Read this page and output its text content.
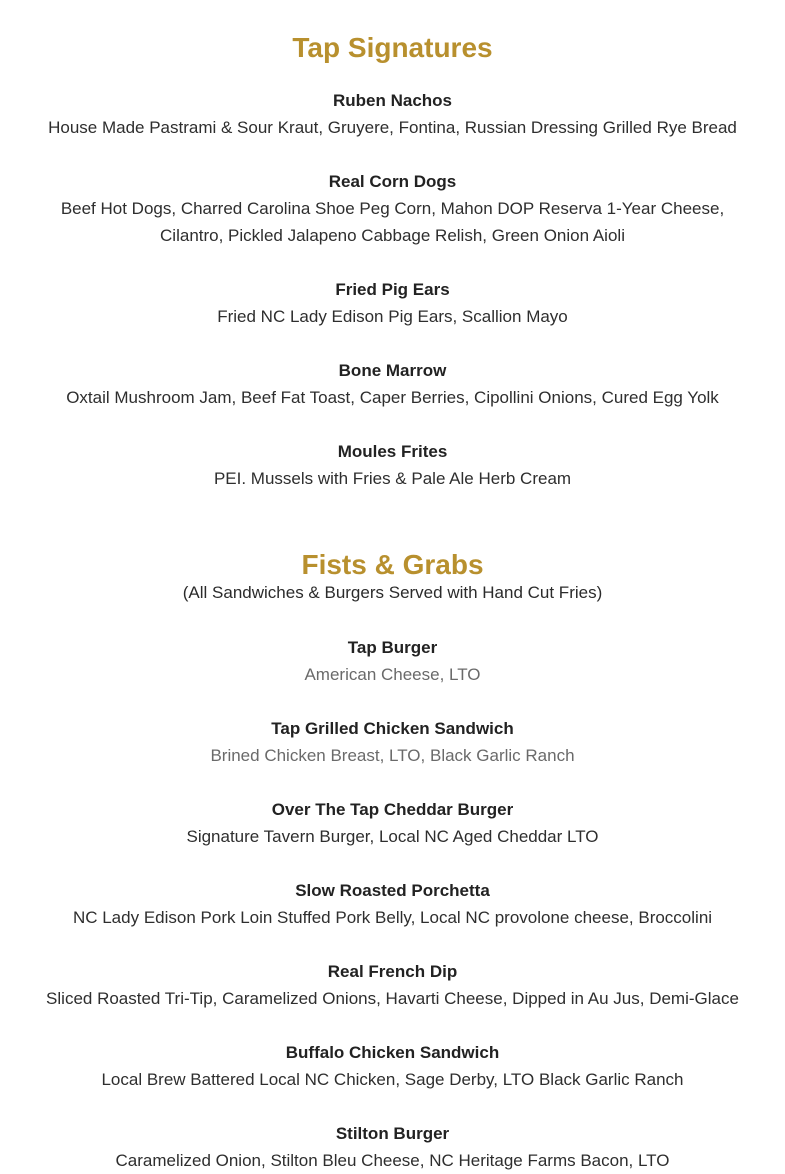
Tap Signatures
Ruben Nachos
House Made Pastrami & Sour Kraut, Gruyere, Fontina, Russian Dressing Grilled Rye Bread
Real Corn Dogs
Beef Hot Dogs, Charred Carolina Shoe Peg Corn, Mahon DOP Reserva 1-Year Cheese, Cilantro, Pickled Jalapeno Cabbage Relish, Green Onion Aioli
Fried Pig Ears
Fried NC Lady Edison Pig Ears, Scallion Mayo
Bone Marrow
Oxtail Mushroom Jam, Beef Fat Toast, Caper Berries, Cipollini Onions, Cured Egg Yolk
Moules Frites
PEI. Mussels with Fries & Pale Ale Herb Cream
Fists & Grabs
(All Sandwiches & Burgers Served with Hand Cut Fries)
Tap Burger
American Cheese, LTO
Tap Grilled Chicken Sandwich
Brined Chicken Breast, LTO, Black Garlic Ranch
Over The Tap Cheddar Burger
Signature Tavern Burger, Local NC Aged Cheddar LTO
Slow Roasted Porchetta
NC Lady Edison Pork Loin Stuffed Pork Belly, Local NC provolone cheese, Broccolini
Real French Dip
Sliced Roasted Tri-Tip, Caramelized Onions, Havarti Cheese, Dipped in Au Jus, Demi-Glace
Buffalo Chicken Sandwich
Local Brew Battered Local NC Chicken, Sage Derby, LTO Black Garlic Ranch
Stilton Burger
Caramelized Onion, Stilton Bleu Cheese, NC Heritage Farms Bacon, LTO
